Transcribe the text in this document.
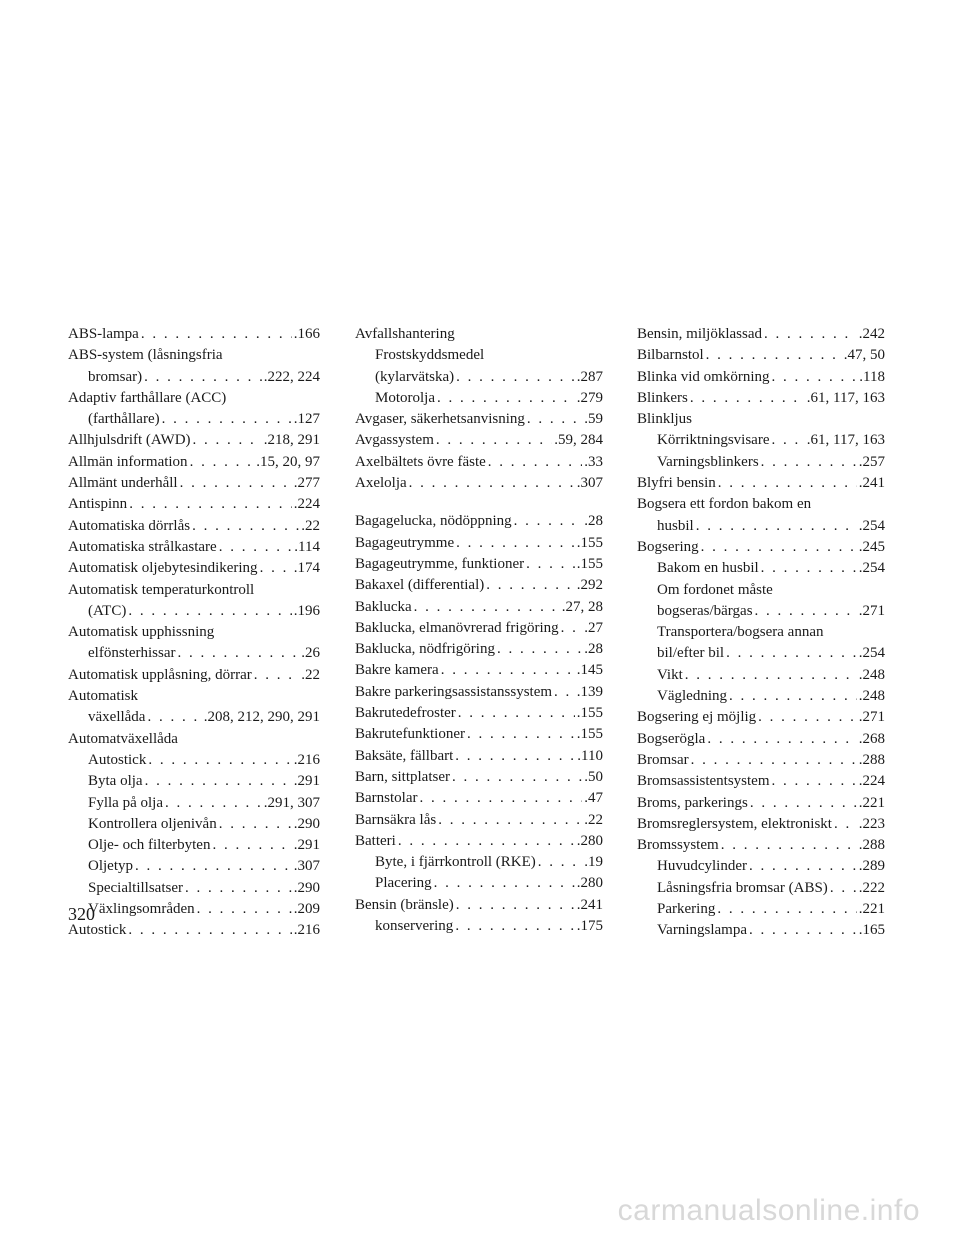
ABS-lampa . . .	.166
ABS-system (låsningsfria
bromsar) . . .	.222, 224
Adaptiv farthållare (ACC)
(farthållare) . . .	.127
Allhjulsdrift (AWD) . . .	.218, 291
Allmän information . . .	.15, 20, 97
Allmänt underhåll . . .	.277
Antispinn . . .	.224
Automatiska dörrlås . . .	.22
Automatiska strålkastare . . .	.114
Automatisk oljebytesindikering . . . .174
Automatisk temperaturkontroll
(ATC) . . .	.196
Automatisk upphissning
elfönsterhissar . . .	.26
Automatisk upplåsning, dörrar . . .	.22
Automatisk
växellåda . . .	.208, 212, 290, 291
Automatväxellåda
Autostick . . .	.216
Byta olja . . .	.291
Fylla på olja . . .	.291, 307
Kontrollera oljenivån . . .	.290
Olje- och filterbyten . . .	.291
Oljetyp . . .	.307
Specialtillsatser . . .	.290
Växlingsområden . . .	.209
Autostick . . .	.216
Avfallshantering
Frostskyddsmedel
(kylarvätska) . . .	.287
Motorolja . . .	.279
Avgaser, säkerhetsanvisning . . .	.59
Avgassystem . . .	.59, 284
Axelbältets övre fäste . . .	.33
Axelolja . . .	.307
Bagagelucka, nödöppning . . .	.28
Bagageutrymme . . .	.155
Bagageutrymme, funktioner . . .	.155
Bakaxel (differential) . . .	.292
Baklucka . . .	.27, 28
Baklucka, elmanövrerad frigöring . . . .27
Baklucka, nödfrigöring . . .	.28
Bakre kamera . . .	.145
Bakre parkeringsassistanssystem . . . .139
Bakrutedefroster . . .	.155
Bakrutefunktioner . . .	.155
Baksäte, fällbart . . .	.110
Barn, sittplatser . . .	.50
Barnstolar . . .	.47
Barnsäkra lås . . .	.22
Batteri . . .	.280
Byte, i fjärrkontroll (RKE) . . .	.19
Placering . . .	.280
Bensin (bränsle) . . .	.241
konservering . . .	.175
Bensin, miljöklassad . . .	.242
Bilbarnstol . . .	.47, 50
Blinka vid omkörning . . .	.118
Blinkers . . .	.61, 117, 163
Blinkljus
Körriktningsvisare . . . .61, 117, 163
Varningsblinkers . . .	.257
Blyfri bensin . . .	.241
Bogsera ett fordon bakom en
husbil . . .	.254
Bogsering . . .	.245
Bakom en husbil . . .	.254
Om fordonet måste
bogseras/bärgas . . .	.271
Transportera/bogsera annan
bil/efter bil . . .	.254
Vikt . . .	.248
Vägledning . . .	.248
Bogsering ej möjlig . . .	.271
Bogserögla . . .	.268
Bromsar . . .	.288
Bromsassistentsystem . . .	.224
Broms, parkerings . . .	.221
Bromsreglersystem, elektroniskt . . . .223
Bromssystem . . .	.288
Huvudcylinder . . .	.289
Låsningsfria bromsar (ABS) . . . .222
Parkering . . .	.221
Varningslampa . . .	.165
320
carmanualsonline.info
